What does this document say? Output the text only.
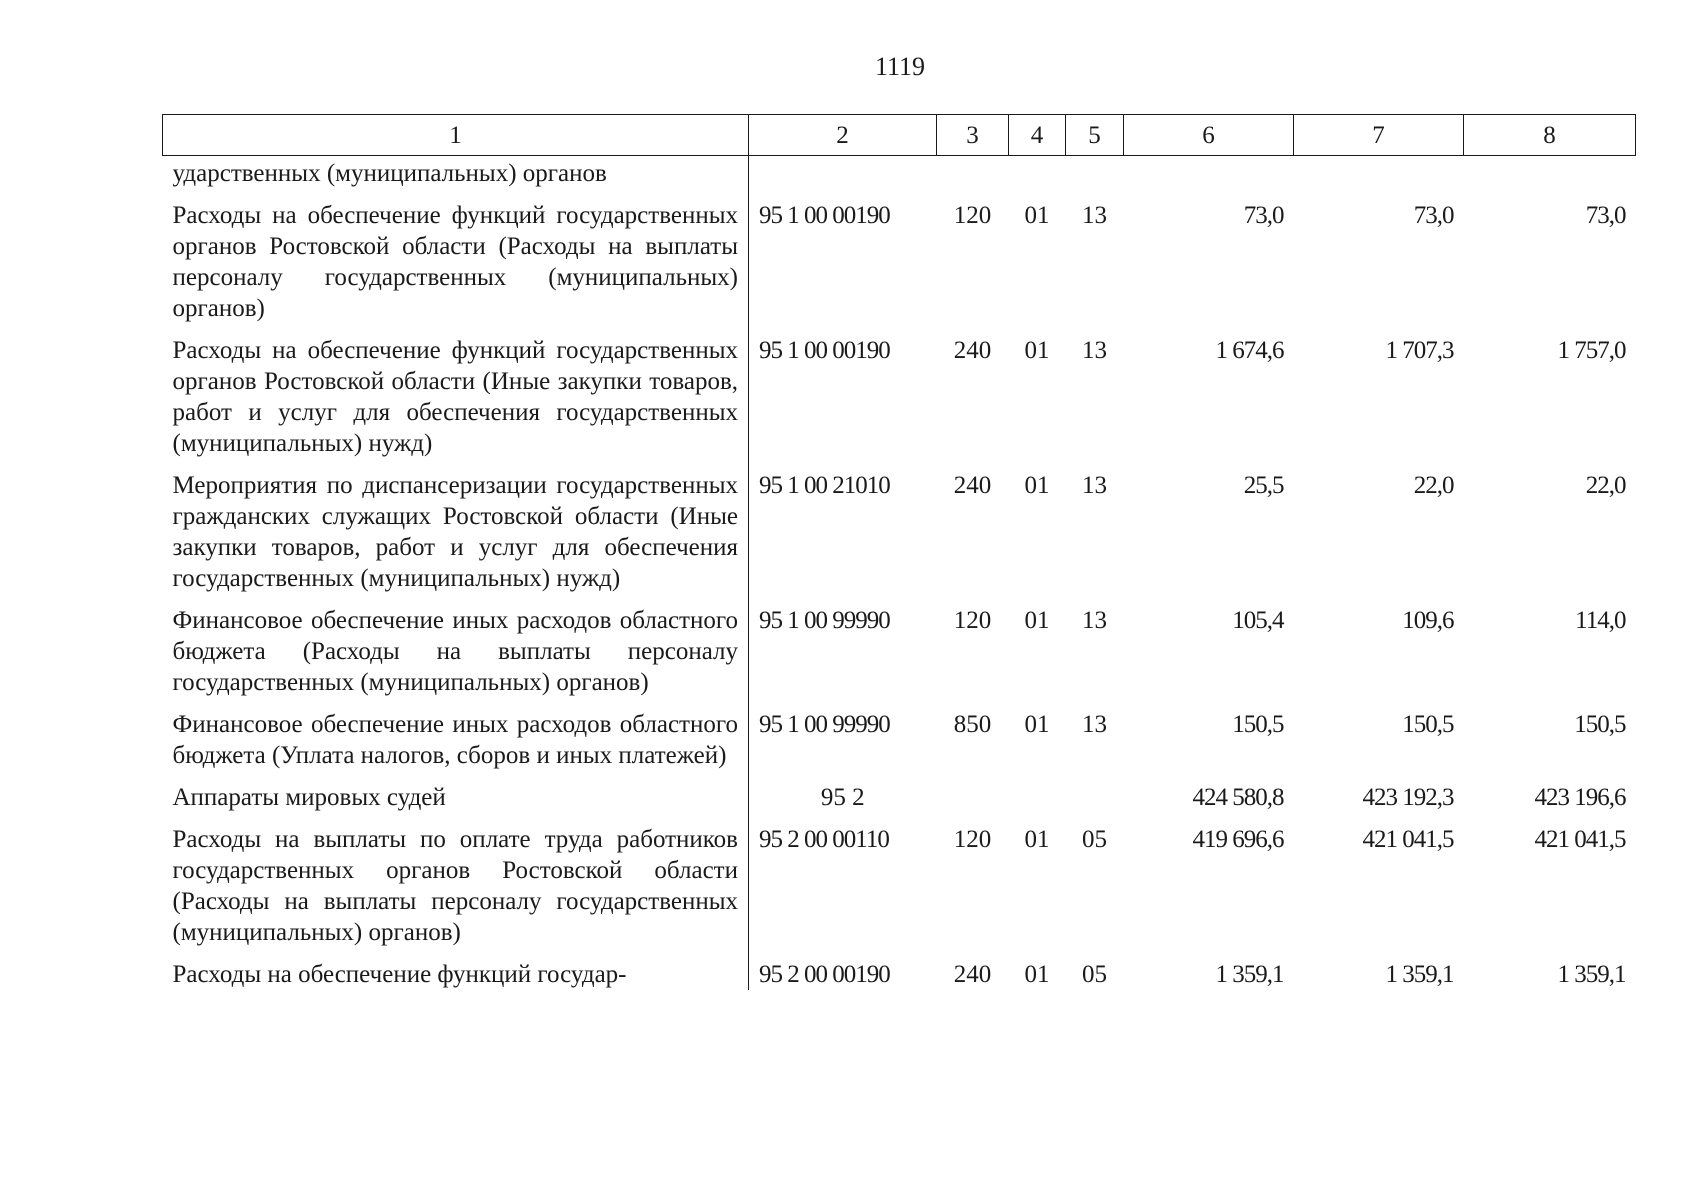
1119
1	2	3	4	5	6	7	8
ударственных (муниципальных) органов							
Расходы на обеспечение функций государственных органов Ростовской области (Расходы на выплаты персоналу государственных (муниципальных) органов)	95 1 00 00190	120	01	13	73,0	73,0	73,0
Расходы на обеспечение функций государственных органов Ростовской области (Иные закупки товаров, работ и услуг для обеспечения государственных (муниципальных) нужд)	95 1 00 00190	240	01	13	1 674,6	1 707,3	1 757,0
Мероприятия по диспансеризации государственных гражданских служащих Ростовской области (Иные закупки товаров, работ и услуг для обеспечения государственных (муниципальных) нужд)	95 1 00 21010	240	01	13	25,5	22,0	22,0
Финансовое обеспечение иных расходов областного бюджета (Расходы на выплаты персоналу государственных (муниципальных) органов)	95 1 00 99990	120	01	13	105,4	109,6	114,0
Финансовое обеспечение иных расходов областного бюджета (Уплата налогов, сборов и иных платежей)	95 1 00 99990	850	01	13	150,5	150,5	150,5
Аппараты мировых судей	95 2				424 580,8	423 192,3	423 196,6
Расходы на выплаты по оплате труда работников государственных органов Ростовской области (Расходы на выплаты персоналу государственных (муниципальных) органов)	95 2 00 00110	120	01	05	419 696,6	421 041,5	421 041,5
Расходы на обеспечение функций государ-	95 2 00 00190	240	01	05	1 359,1	1 359,1	1 359,1
